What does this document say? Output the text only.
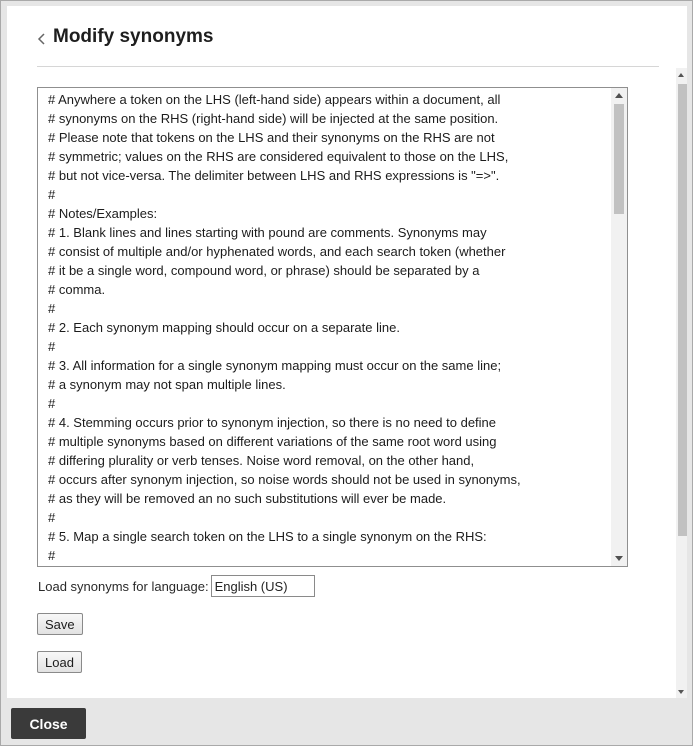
Modify synonyms
# Anywhere a token on the LHS (left-hand side) appears within a document, all
# synonyms on the RHS (right-hand side) will be injected at the same position.
# Please note that tokens on the LHS and their synonyms on the RHS are not
# symmetric; values on the RHS are considered equivalent to those on the LHS,
# but not vice-versa. The delimiter between LHS and RHS expressions is "=>".
#
# Notes/Examples:
# 1. Blank lines and lines starting with pound are comments. Synonyms may
# consist of multiple and/or hyphenated words, and each search token (whether
# it be a single word, compound word, or phrase) should be separated by a
# comma.
#
# 2. Each synonym mapping should occur on a separate line.
#
# 3. All information for a single synonym mapping must occur on the same line;
# a synonym may not span multiple lines.
#
# 4. Stemming occurs prior to synonym injection, so there is no need to define
# multiple synonyms based on different variations of the same root word using
# differing plurality or verb tenses. Noise word removal, on the other hand,
# occurs after synonym injection, so noise words should not be used in synonyms,
# as they will be removed an no such substitutions will ever be made.
#
# 5. Map a single search token on the LHS to a single synonym on the RHS:
#
Load synonyms for language:
English (US)
Save
Load
Close
